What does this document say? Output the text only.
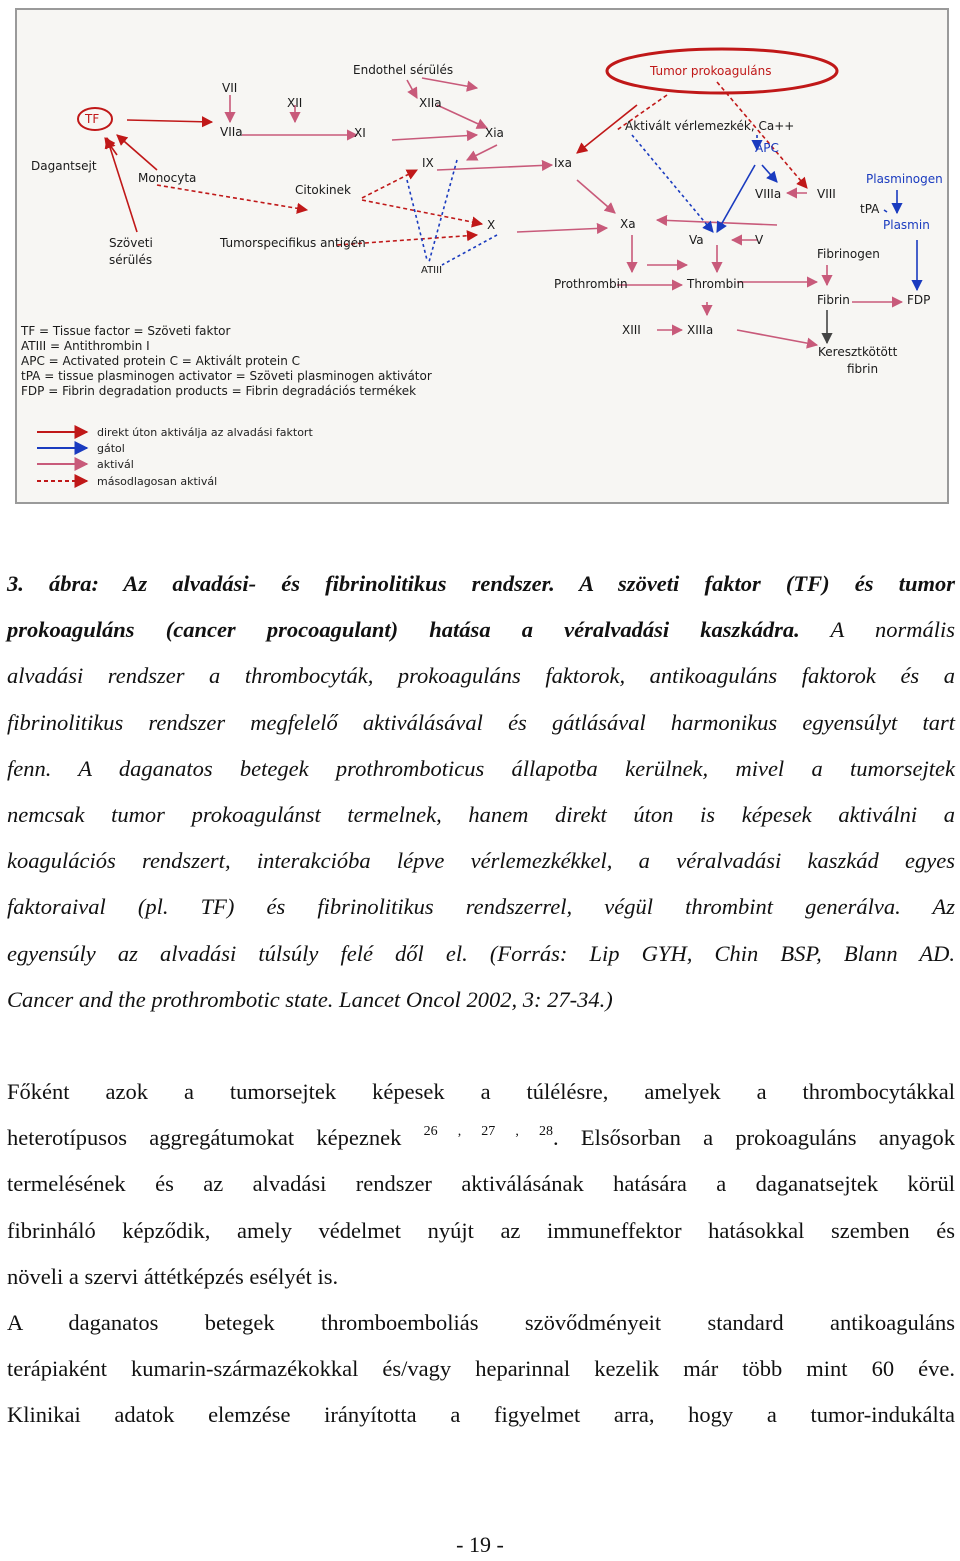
TF
Dagantsejt
VII
VIIa
Monocyta
Szöveti
sérülés
XII
Endothel sérülés
XIIa
XI	Xia
Citokinek
Tumorspecifikus antigén
IX	Ixa
X
ATIII
Tumor prokoaguláns
Aktivált vérlemezkék, Ca++
APC
VIIIa	VIII
Plasminogen
tPA
Plasmin
Xa
Va	V
Fibrinogen
Prothrombin	Thrombin
Fibrin	FDP
XIII	XIIIa
Keresztkötött
fibrin
TF = Tissue factor = Szöveti faktor
ATIII = Antithrombin I
APC = Activated protein C = Aktivált protein C
tPA = tissue plasminogen activator = Szöveti plasminogen aktivátor
FDP = Fibrin degradation products = Fibrin degradációs termékek
direkt úton aktiválja az alvadási faktort
gátol
aktivál
másodlagosan aktivál
3. ábra: Az alvadási- és fibrinolitikus rendszer. A szöveti faktor (TF) és tumor
prokoaguláns (cancer procoagulant) hatása a véralvadási kaszkádra. A normális
alvadási rendszer a thrombocyták, prokoaguláns faktorok, antikoaguláns faktorok és a
fibrinolitikus rendszer megfelelő aktiválásával és gátlásával harmonikus egyensúlyt tart
fenn. A daganatos betegek prothromboticus állapotba kerülnek, mivel a tumorsejtek
nemcsak tumor prokoagulánst termelnek, hanem direkt úton is képesek aktiválni a
koagulációs rendszert, interakcióba lépve vérlemezkékkel, a véralvadási kaszkád egyes
faktoraival (pl. TF) és fibrinolitikus rendszerrel, végül thrombint generálva. Az
egyensúly az alvadási túlsúly felé dől el. (Forrás: Lip GYH, Chin BSP, Blann AD.
Cancer and the prothrombotic state. Lancet Oncol 2002, 3: 27-34.)
Főként azok a tumorsejtek képesek a túlélésre, amelyek a thrombocytákkal
heterotípusos aggregátumokat képeznek $^{26 , 27 , 28}$. Elsősorban a prokoaguláns anyagok
termelésének és az alvadási rendszer aktiválásának hatására a daganatsejtek körül
fibrinháló képződik, amely védelmet nyújt az immuneffektor hatásokkal szemben és
növeli a szervi áttétképzés esélyét is.
A daganatos betegek thromboemboliás szövődményeit standard antikoaguláns
terápiaként kumarin-származékokkal és/vagy heparinnal kezelik már több mint 60 éve.
Klinikai adatok elemzése irányította a figyelmet arra, hogy a tumor-indukálta
- 19 -
